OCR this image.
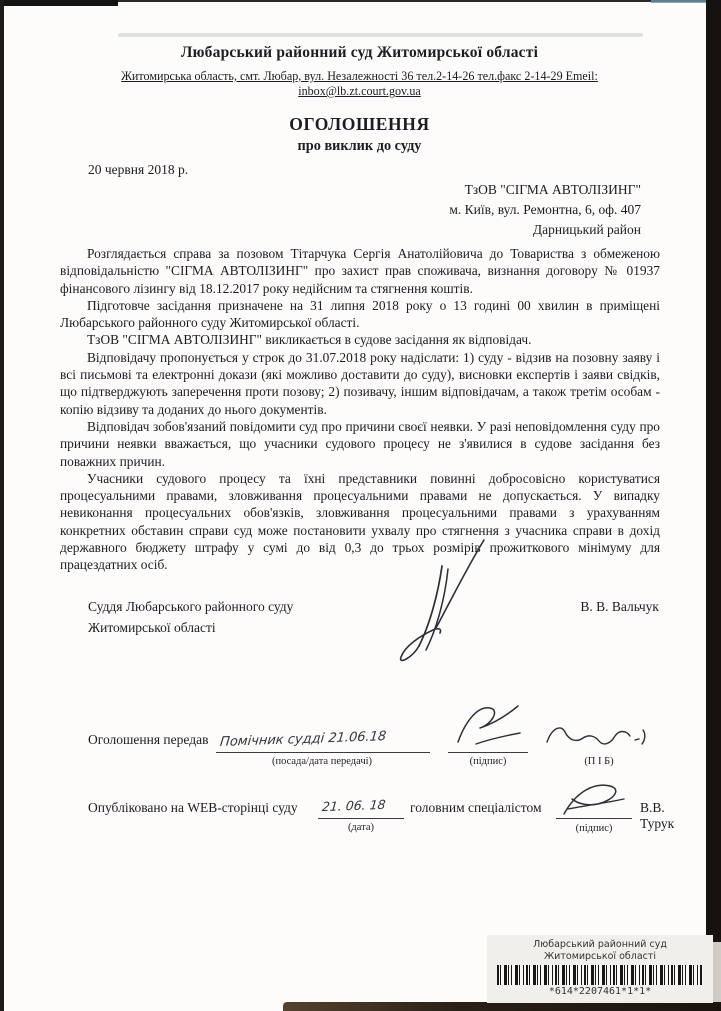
Любарський районний суд Житомирської області
Житомирська область, смт. Любар, вул. Незалежності 36 тел.2-14-26 тел.факс 2-14-29 Emeil: inbox@lb.zt.court.gov.ua
ОГОЛОШЕННЯ
про виклик до суду
20 червня 2018 р.
ТзОВ "СІГМА АВТОЛІЗИНГ"
м. Київ, вул. Ремонтна, 6, оф. 407
Дарницький район

Розглядається справа за позовом Тітарчука Сергія Анатолійовича до Товариства з обмеженою відповідальністю "СІГМА АВТОЛІЗИНГ" про захист прав споживача, визнання договору № 01937 фінансового лізингу від 18.12.2017 року недійсним та стягнення коштів.

Підготовче засідання призначене на 31 липня 2018 року о 13 годині 00 хвилин в приміщені Любарського районного суду Житомирської області.

ТзОВ "СІГМА АВТОЛІЗИНГ" викликається в судове засідання як відповідач.

Відповідачу пропонується у строк до 31.07.2018 року надіслати: 1) суду - відзив на позовну заяву і всі письмові та електронні докази (які можливо доставити до суду), висновки експертів і заяви свідків, що підтверджують заперечення проти позову; 2) позивачу, іншим відповідачам, а також третім особам - копію відзиву та доданих до нього документів.

Відповідач зобов'язаний повідомити суд про причини своєї неявки. У разі неповідомлення суду про причини неявки вважається, що учасники судового процесу не з'явилися в судове засідання без поважних причин.

Учасники судового процесу та їхні представники повинні добросовісно користуватися процесуальними правами, зловживання процесуальними правами не допускається. У випадку невиконання процесуальних обов'язків, зловживання процесуальними правами з урахуванням конкретних обставин справи суд може постановити ухвалу про стягнення з учасника справи в дохід державного бюджету штрафу у сумі до від 0,3 до трьох розмірів прожиткового мінімуму для працездатних осіб.

Суддя Любарського районного суду
Житомирської області
В. В. Вальчук
Оголошення передав Помічник судді 21.06.18
(посада/дата передачі)	(підпис)	(П І Б)
Опубліковано на WEB-сторінці суду 21. 06. 18
(дата)
головним спеціалістом
(підпис)
В.В. Турук
Любарський районний суд
Житомирської області
*614*2207461*1*1*
